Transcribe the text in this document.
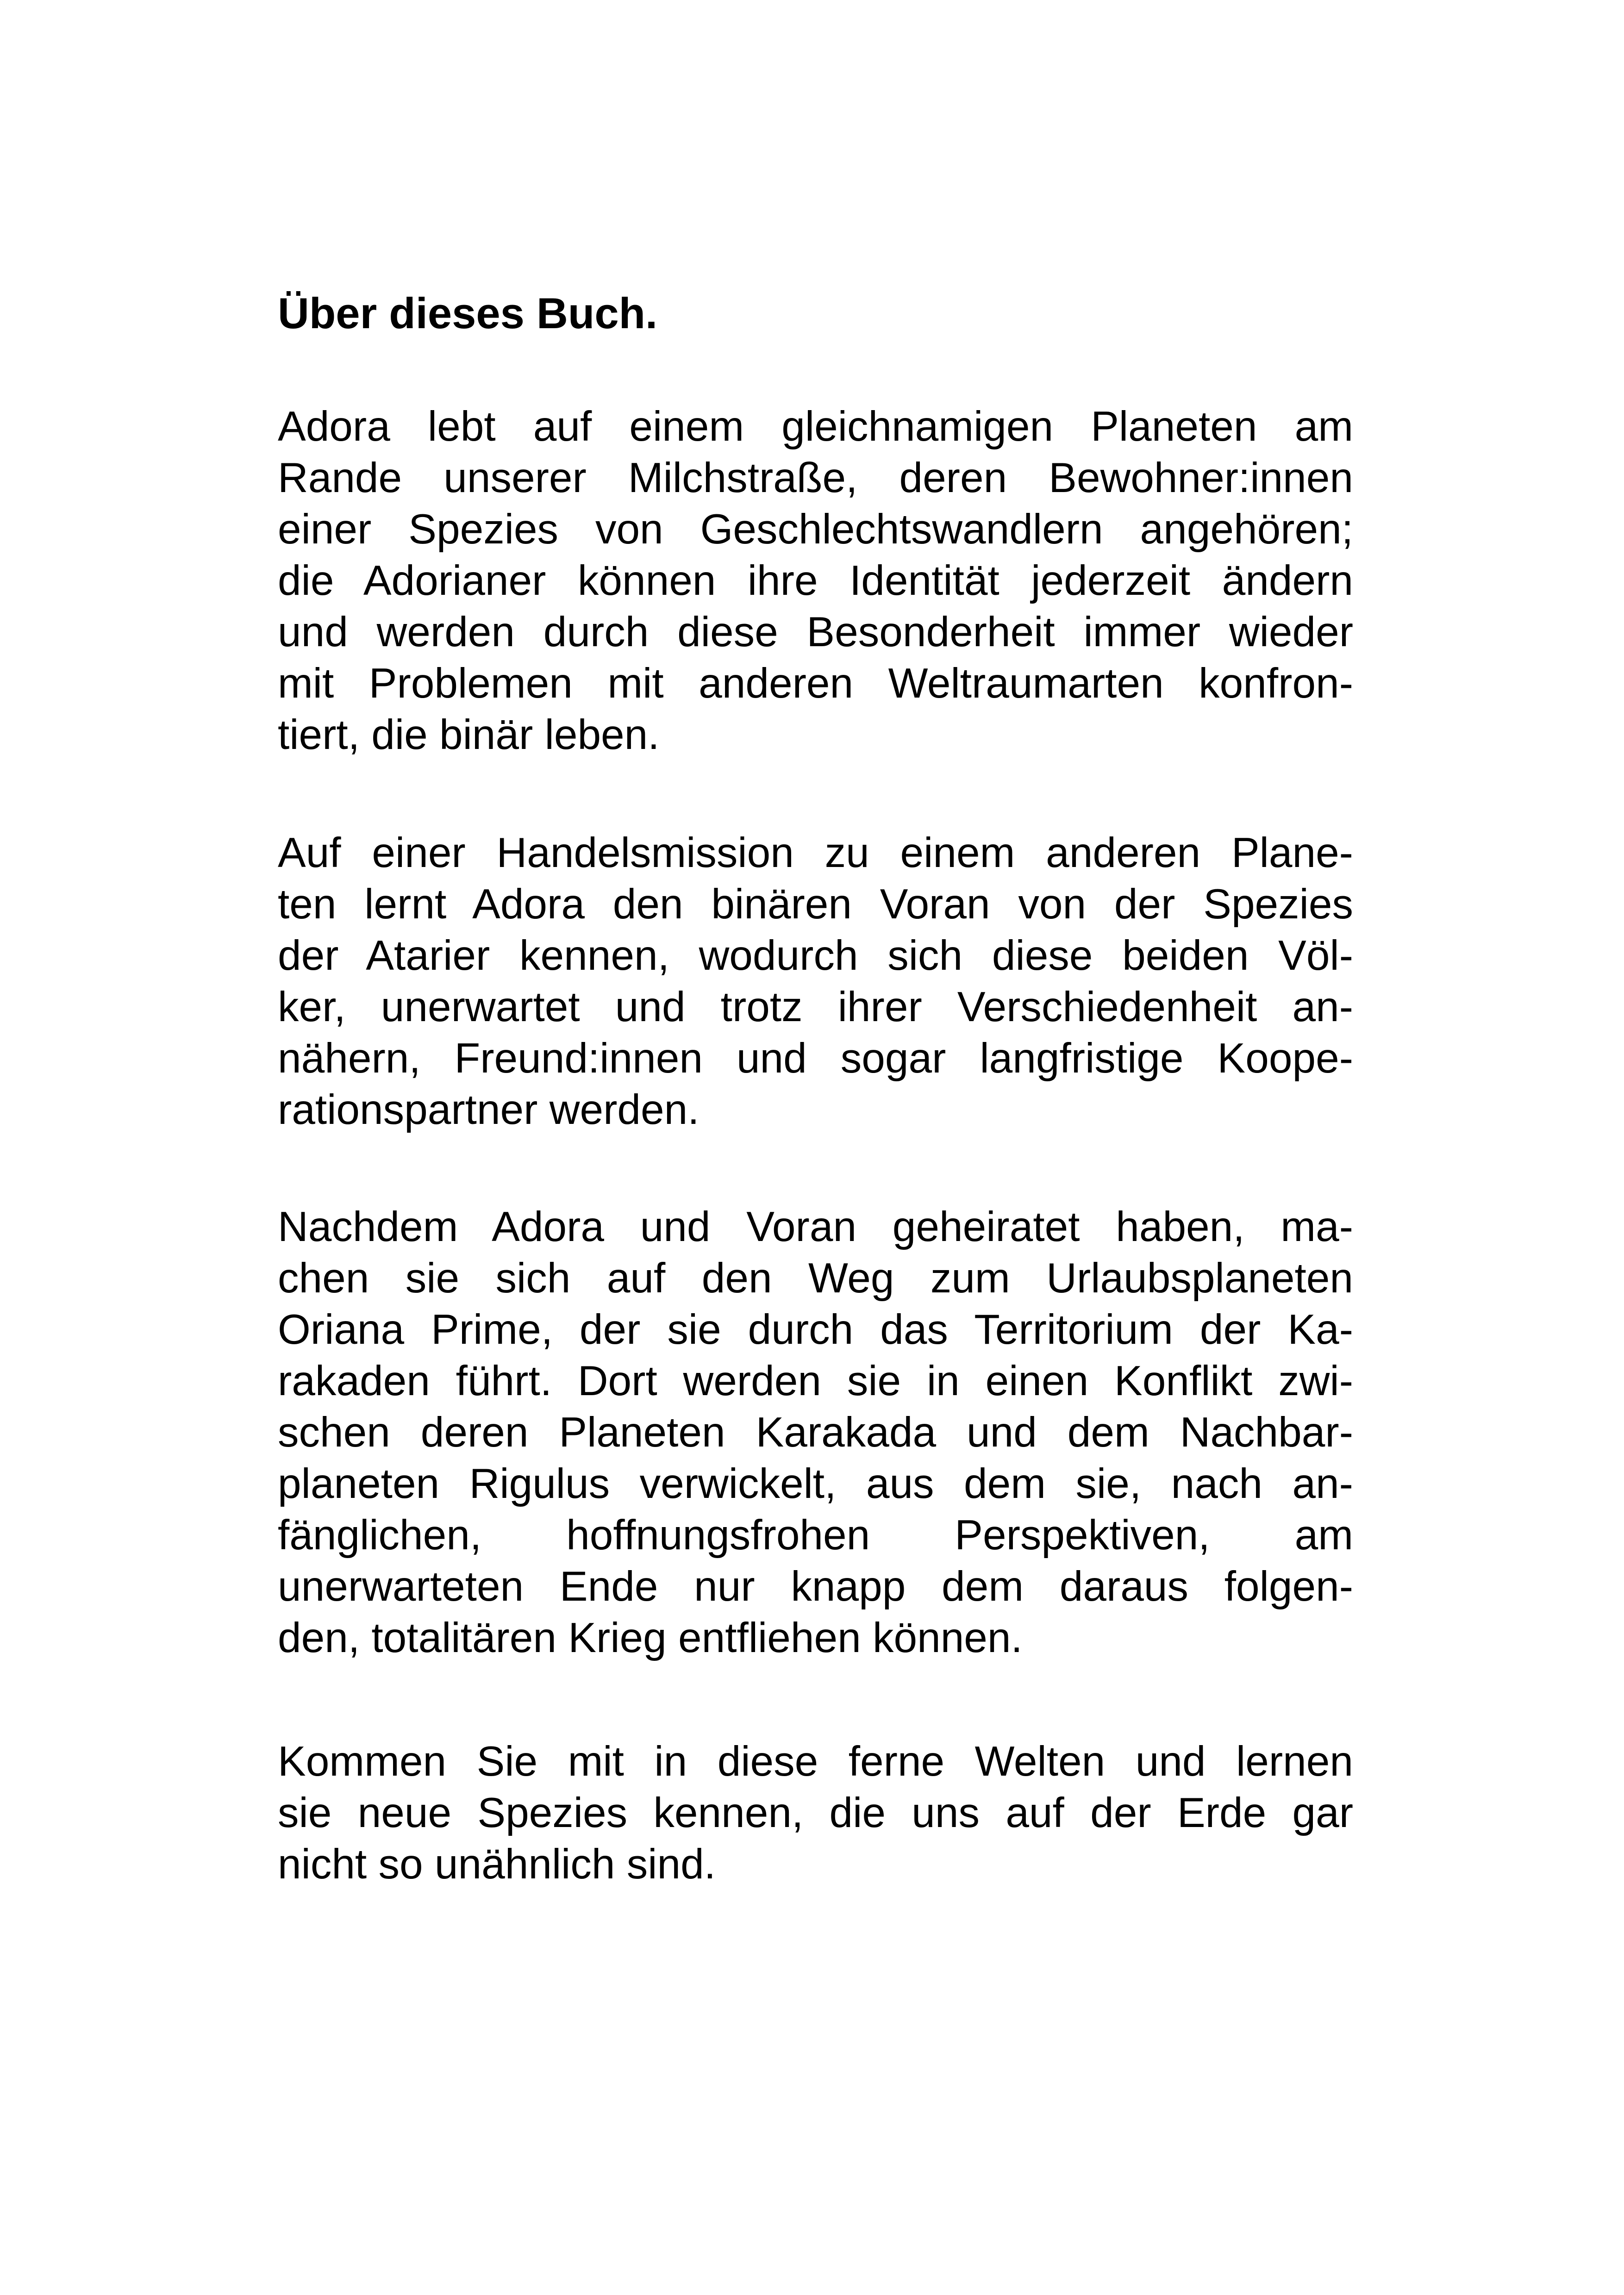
Über dieses Buch.
Adora lebt auf einem gleichnamigen Planeten am
Rande unserer Milchstraße, deren Bewohner:innen
einer Spezies von Geschlechtswandlern angehören;
die Adorianer können ihre Identität jederzeit ändern
und werden durch diese Besonderheit immer wieder
mit Problemen mit anderen Weltraumarten konfron-
tiert, die binär leben.
Auf einer Handelsmission zu einem anderen Plane-
ten lernt Adora den binären Voran von der Spezies
der Atarier kennen, wodurch sich diese beiden Völ-
ker, unerwartet und trotz ihrer Verschiedenheit an-
nähern, Freund:innen und sogar langfristige Koope-
rationspartner werden.
Nachdem Adora und Voran geheiratet haben, ma-
chen sie sich auf den Weg zum Urlaubsplaneten
Oriana Prime, der sie durch das Territorium der Ka-
rakaden führt. Dort werden sie in einen Konflikt zwi-
schen deren Planeten Karakada und dem Nachbar-
planeten Rigulus verwickelt, aus dem sie, nach an-
fänglichen, hoffnungsfrohen Perspektiven, am
unerwarteten Ende nur knapp dem daraus folgen-
den, totalitären Krieg entfliehen können.
Kommen Sie mit in diese ferne Welten und lernen
sie neue Spezies kennen, die uns auf der Erde gar
nicht so unähnlich sind.
